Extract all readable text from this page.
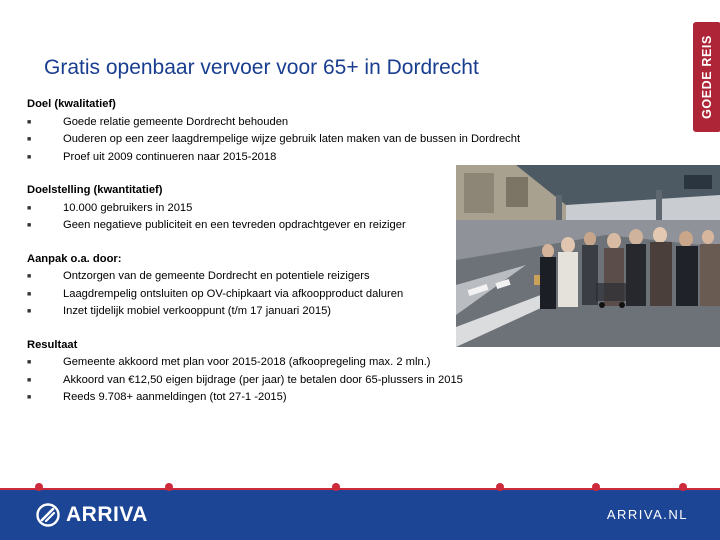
Gratis openbaar vervoer voor 65+ in Dordrecht	GOEDE REIS
Doel (kwalitatief)
■	Goede relatie gemeente Dordrecht behouden
■	Ouderen op een zeer laagdrempelige wijze gebruik laten maken van de bussen in Dordrecht
■	Proef uit 2009 continueren naar 2015-2018
Doelstelling (kwantitatief)
■	10.000 gebruikers in 2015
■	Geen negatieve publiciteit en een tevreden opdrachtgever en reiziger
Aanpak o.a. door:
■	Ontzorgen van de gemeente Dordrecht en potentiele reizigers
■	Laagdrempelig ontsluiten op OV-chipkaart via afkoopproduct daluren
■	Inzet tijdelijk mobiel verkooppunt (t/m 17 januari 2015)
Resultaat
■	Gemeente akkoord met plan voor 2015-2018 (afkoopregeling max. 2 mln.)
■	Akkoord van €12,50 eigen bijdrage (per jaar) te betalen door 65-plussers in 2015
■	Reeds 9.708+ aanmeldingen (tot 27-1 -2015)
ARRIVA	ARRIVA.NL
